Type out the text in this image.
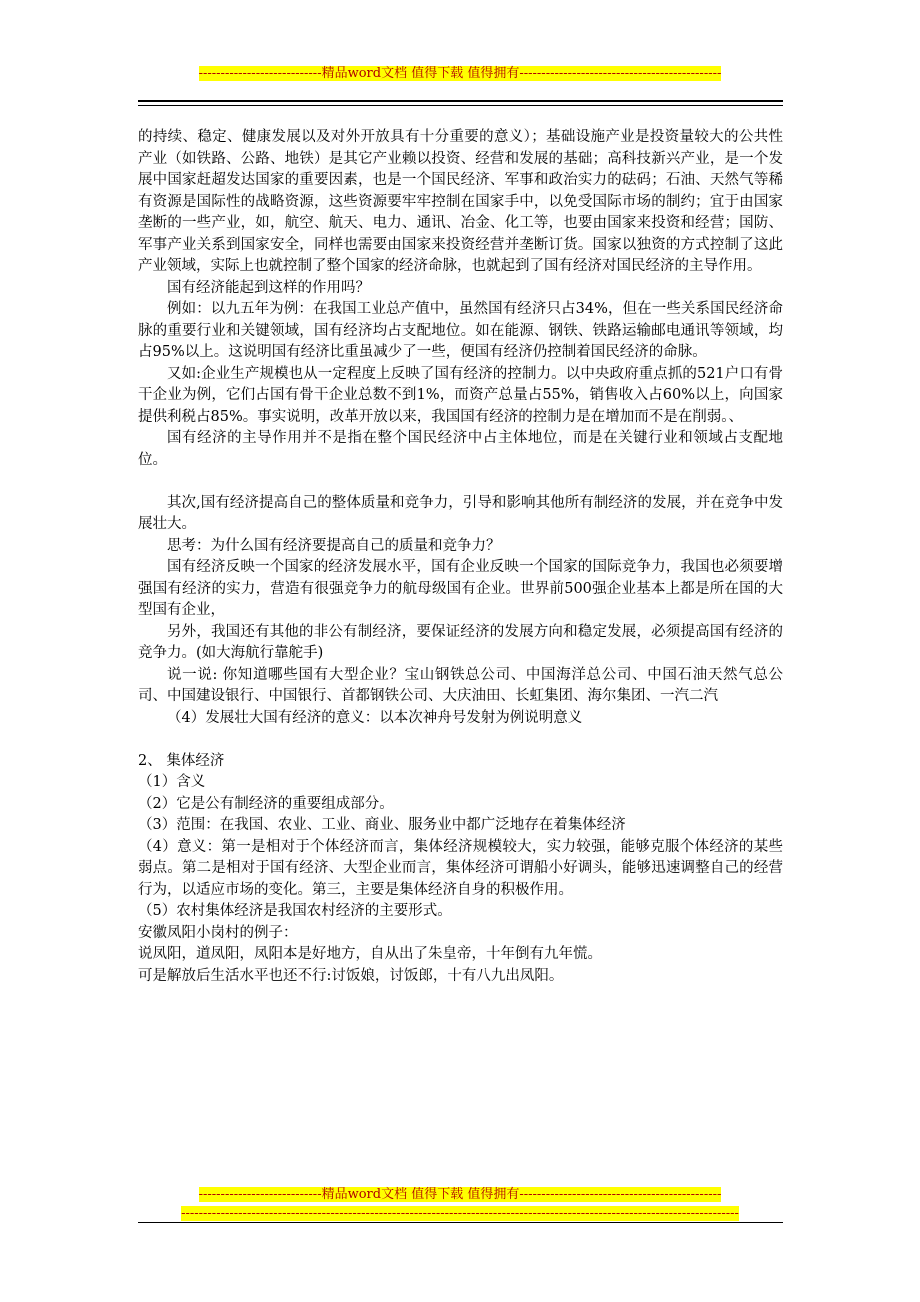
----------------------------精品word文档 值得下载 值得拥有----------------------------------------------

的持续、稳定、健康发展以及对外开放具有十分重要的意义）；基础设施产业是投资量较大的公共性产业（如铁路、公路、地铁）是其它产业赖以投资、经营和发展的基础；高科技新兴产业，是一个发展中国家赶超发达国家的重要因素，也是一个国民经济、军事和政治实力的砝码；石油、天然气等稀有资源是国际性的战略资源，这些资源要牢牢控制在国家手中，以免受国际市场的制约；宜于由国家垄断的一些产业，如，航空、航天、电力、通讯、冶金、化工等，也要由国家来投资和经营；国防、军事产业关系到国家安全，同样也需要由国家来投资经营并垄断订货。国家以独资的方式控制了这此产业领域，实际上也就控制了整个国家的经济命脉，也就起到了国有经济对国民经济的主导作用。

国有经济能起到这样的作用吗？

例如：以九五年为例：在我国工业总产值中，虽然国有经济只占34%，但在一些关系国民经济命脉的重要行业和关键领域，国有经济均占支配地位。如在能源、钢铁、铁路运输邮电通讯等领域，均占95%以上。这说明国有经济比重虽减少了一些，便国有经济仍控制着国民经济的命脉。

又如:企业生产规模也从一定程度上反映了国有经济的控制力。以中央政府重点抓的521户口有骨干企业为例，它们占国有骨干企业总数不到1%，而资产总量占55%，销售收入占60%以上，向国家提供利税占85%。事实说明，改革开放以来，我国国有经济的控制力是在增加而不是在削弱。、

国有经济的主导作用并不是指在整个国民经济中占主体地位，而是在关键行业和领域占支配地位。

其次,国有经济提高自己的整体质量和竞争力，引导和影响其他所有制经济的发展，并在竞争中发展壮大。

思考：为什么国有经济要提高自己的质量和竞争力？

国有经济反映一个国家的经济发展水平，国有企业反映一个国家的国际竞争力，我国也必须要增强国有经济的实力，营造有很强竞争力的航母级国有企业。世界前500强企业基本上都是所在国的大型国有企业，

另外，我国还有其他的非公有制经济，要保证经济的发展方向和稳定发展，必须提高国有经济的竞争力。(如大海航行靠舵手)

说一说: 你知道哪些国有大型企业？宝山钢铁总公司、中国海洋总公司、中国石油天然气总公司、中国建设银行、中国银行、首都钢铁公司、大庆油田、长虹集团、海尔集团、一汽二汽

（4）发展壮大国有经济的意义：以本次神舟号发射为例说明意义

2、 集体经济

（1）含义

（2）它是公有制经济的重要组成部分。

（3）范围：在我国、农业、工业、商业、服务业中都广泛地存在着集体经济

（4）意义：第一是相对于个体经济而言，集体经济规模较大，实力较强，能够克服个体经济的某些弱点。第二是相对于国有经济、大型企业而言，集体经济可谓船小好调头，能够迅速调整自己的经营行为，以适应市场的变化。第三，主要是集体经济自身的积极作用。

（5）农村集体经济是我国农村经济的主要形式。

安徽凤阳小岗村的例子：

说凤阳，道凤阳，凤阳本是好地方，自从出了朱皇帝，十年倒有九年慌。

可是解放后生活水平也还不行:讨饭娘，讨饭郎，十有八九出凤阳。

----------------------------精品word文档 值得下载 值得拥有----------------------------------------------
-------------------------------------------------------------------------------------------------------------------------------
